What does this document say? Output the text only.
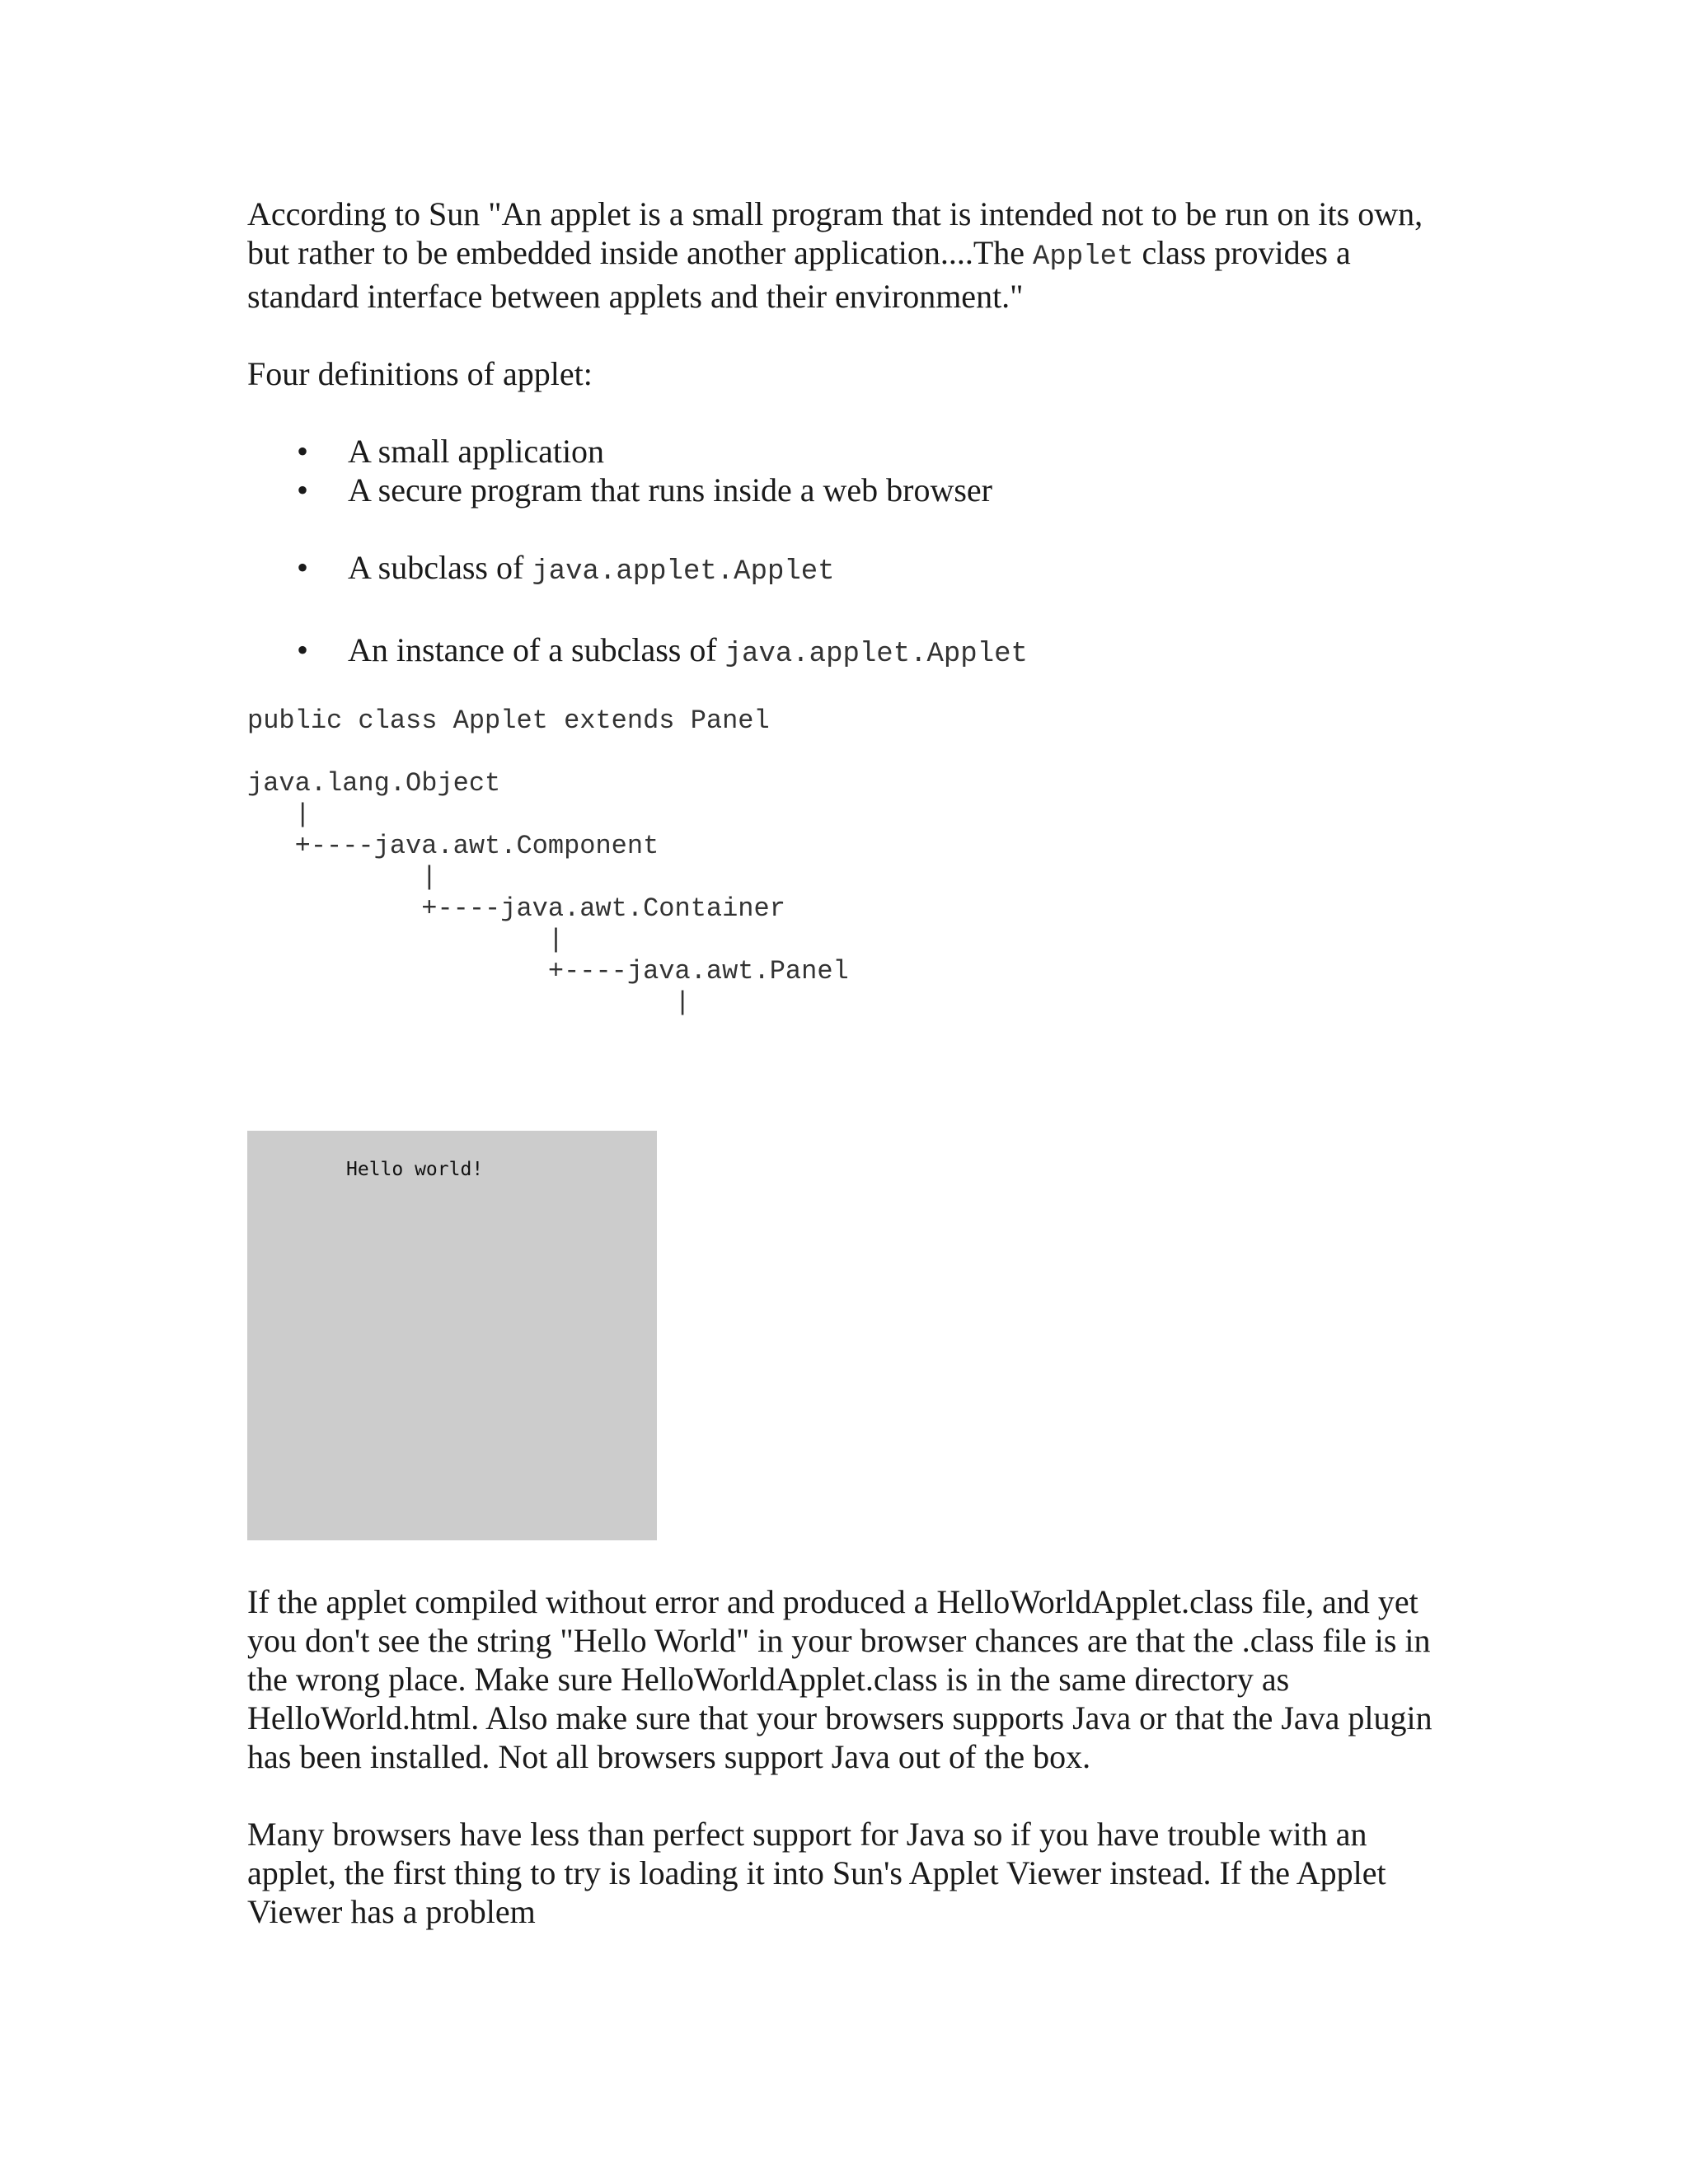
According to Sun "An applet is a small program that is intended not to be run on its own, but rather to be embedded inside another application....The Applet class provides a standard interface between applets and their environment."

Four definitions of applet:

• A small application
• A secure program that runs inside a web browser
• A subclass of java.applet.Applet
• An instance of a subclass of java.applet.Applet
public class Applet extends Panel
java.lang.Object
|
+----java.awt.Component
|
+----java.awt.Container
|
+----java.awt.Panel
|
Hello world!

If the applet compiled without error and produced a HelloWorldApplet.class file, and yet you don't see the string "Hello World" in your browser chances are that the .class file is in the wrong place. Make sure HelloWorldApplet.class is in the same directory as HelloWorld.html. Also make sure that your browsers supports Java or that the Java plugin has been installed. Not all browsers support Java out of the box.

Many browsers have less than perfect support for Java so if you have trouble with an applet, the first thing to try is loading it into Sun's Applet Viewer instead. If the Applet Viewer has a problem
